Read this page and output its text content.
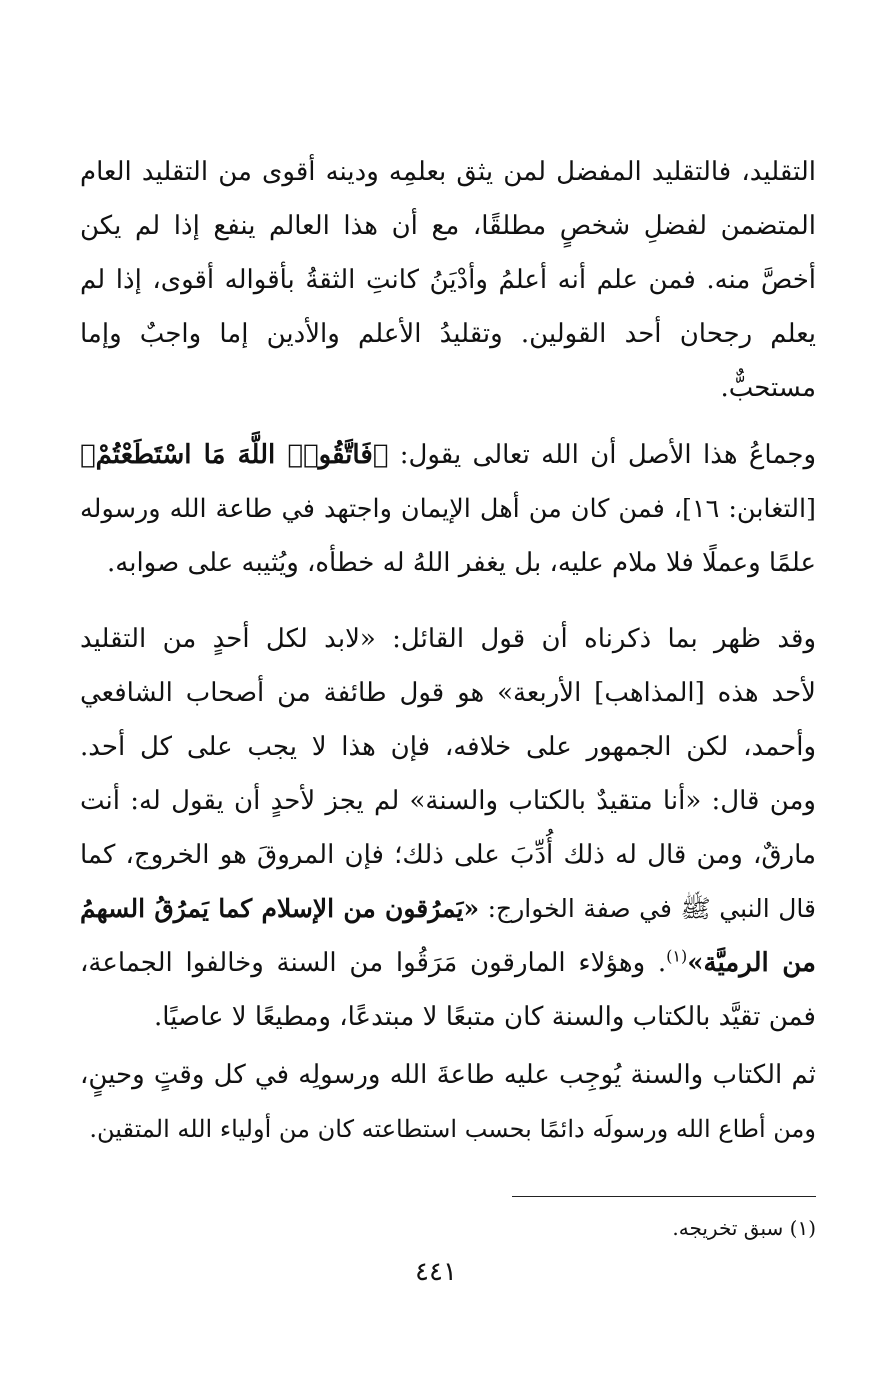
التقليد، فالتقليد المفضل لمن يثق بعلمِه ودينه أقوى من التقليد العام
المتضمن لفضلِ شخصٍ مطلقًا، مع أن هذا العالم ينفع إذا لم يكن
أخصَّ منه. فمن علم أنه أعلمُ وأدْيَنُ كانتِ الثقةُ بأقواله أقوى، إذا لم
يعلم رجحان أحد القولين. وتقليدُ الأعلم والأدين إما واجبٌ وإما
مستحبٌّ.
وجماعُ هذا الأصل أن الله تعالى يقول: ﴿فَاتَّقُوا۟ اللَّهَ مَا اسْتَطَعْتُمْ﴾
[التغابن: ١٦]، فمن كان من أهل الإيمان واجتهد في طاعة الله ورسوله
علمًا وعملًا فلا ملام عليه، بل يغفر اللهُ له خطأه، ويُثيبه على صوابه.
وقد ظهر بما ذكرناه أن قول القائل: «لابد لكل أحدٍ من التقليد
لأحد هذه [المذاهب] الأربعة» هو قول طائفة من أصحاب الشافعي
وأحمد، لكن الجمهور على خلافه، فإن هذا لا يجب على كل أحد.
ومن قال: «أنا متقيدٌ بالكتاب والسنة» لم يجز لأحدٍ أن يقول له: أنت
مارقٌ، ومن قال له ذلك أُدِّبَ على ذلك؛ فإن المروقَ هو الخروج، كما
قال النبي ﷺ في صفة الخوارج: «يَمرُقون من الإسلام كما يَمرُقُ السهمُ
من الرميَّة»$^{(١)}$. وهؤلاء المارقون مَرَقُوا من السنة وخالفوا الجماعة،
فمن تقيَّد بالكتاب والسنة كان متبعًا لا مبتدعًا، ومطيعًا لا عاصيًا.
ثم الكتاب والسنة يُوجِب عليه طاعةَ الله ورسولِه في كل وقتٍ وحينٍ،
ومن أطاع الله ورسولَه دائمًا بحسب استطاعته كان من أولياء الله المتقين.
(١) سبق تخريجه.
٤٤١
